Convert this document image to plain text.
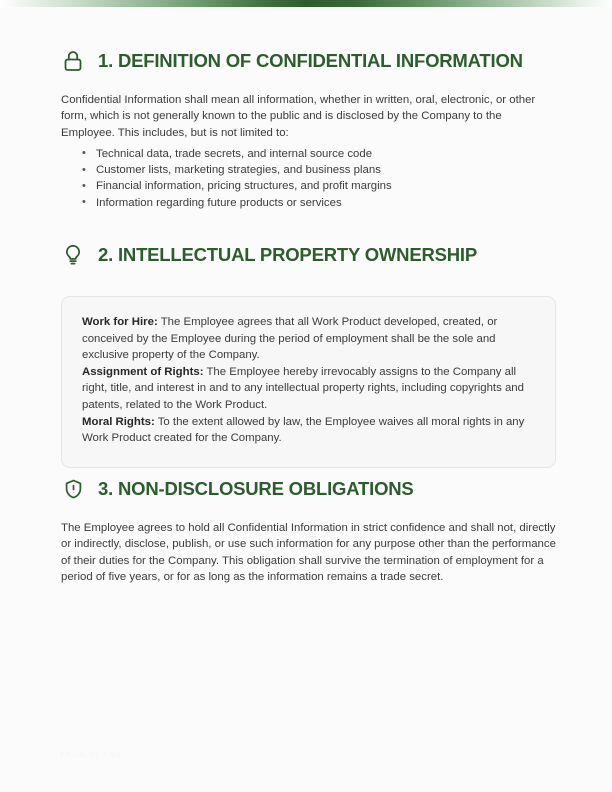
1. DEFINITION OF CONFIDENTIAL INFORMATION
Confidential Information shall mean all information, whether in written, oral, electronic, or other form, which is not generally known to the public and is disclosed by the Company to the Employee. This includes, but is not limited to:
• Technical data, trade secrets, and internal source code
• Customer lists, marketing strategies, and business plans
• Financial information, pricing structures, and profit margins
• Information regarding future products or services
2. INTELLECTUAL PROPERTY OWNERSHIP

Work for Hire: The Employee agrees that all Work Product developed, created, or conceived by the Employee during the period of employment shall be the sole and exclusive property of the Company.

Assignment of Rights: The Employee hereby irrevocably assigns to the Company all right, title, and interest in and to any intellectual property rights, including copyrights and patents, related to the Work Product.

Moral Rights: To the extent allowed by law, the Employee waives all moral rights in any Work Product created for the Company.

3. NON-DISCLOSURE OBLIGATIONS
The Employee agrees to hold all Confidential Information in strict confidence and shall not, directly or indirectly, disclose, publish, or use such information for any purpose other than the performance of their duties for the Company. This obligation shall survive the termination of employment for a period of five years, or for as long as the information remains a trade secret.
PAGE 02 / 03
